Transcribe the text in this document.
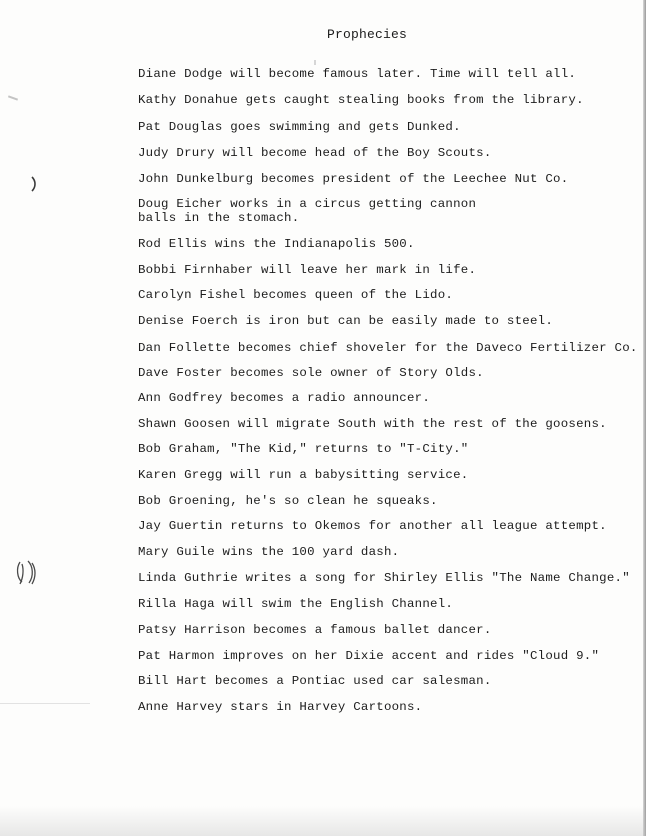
Prophecies
Diane Dodge will become famous later. Time will tell all.
Kathy Donahue gets caught stealing books from the library.
Pat Douglas goes swimming and gets Dunked.
Judy Drury will become head of the Boy Scouts.
John Dunkelburg becomes president of the Leechee Nut Co.
Doug Eicher works in a circus getting cannon balls in the stomach.
Rod Ellis wins the Indianapolis 500.
Bobbi Firnhaber will leave her mark in life.
Carolyn Fishel becomes queen of the Lido.
Denise Foerch is iron but can be easily made to steel.
Dan Follette becomes chief shoveler for the Daveco Fertilizer Co.
Dave Foster becomes sole owner of Story Olds.
Ann Godfrey becomes a radio announcer.
Shawn Goosen will migrate South with the rest of the goosens.
Bob Graham, "The Kid," returns to "T-City."
Karen Gregg will run a babysitting service.
Bob Groening, he's so clean he squeaks.
Jay Guertin returns to Okemos for another all league attempt.
Mary Guile wins the 100 yard dash.
Linda Guthrie writes a song for Shirley Ellis "The Name Change."
Rilla Haga will swim the English Channel.
Patsy Harrison becomes a famous ballet dancer.
Pat Harmon improves on her Dixie accent and rides "Cloud 9."
Bill Hart becomes a Pontiac used car salesman.
Anne Harvey stars in Harvey Cartoons.
